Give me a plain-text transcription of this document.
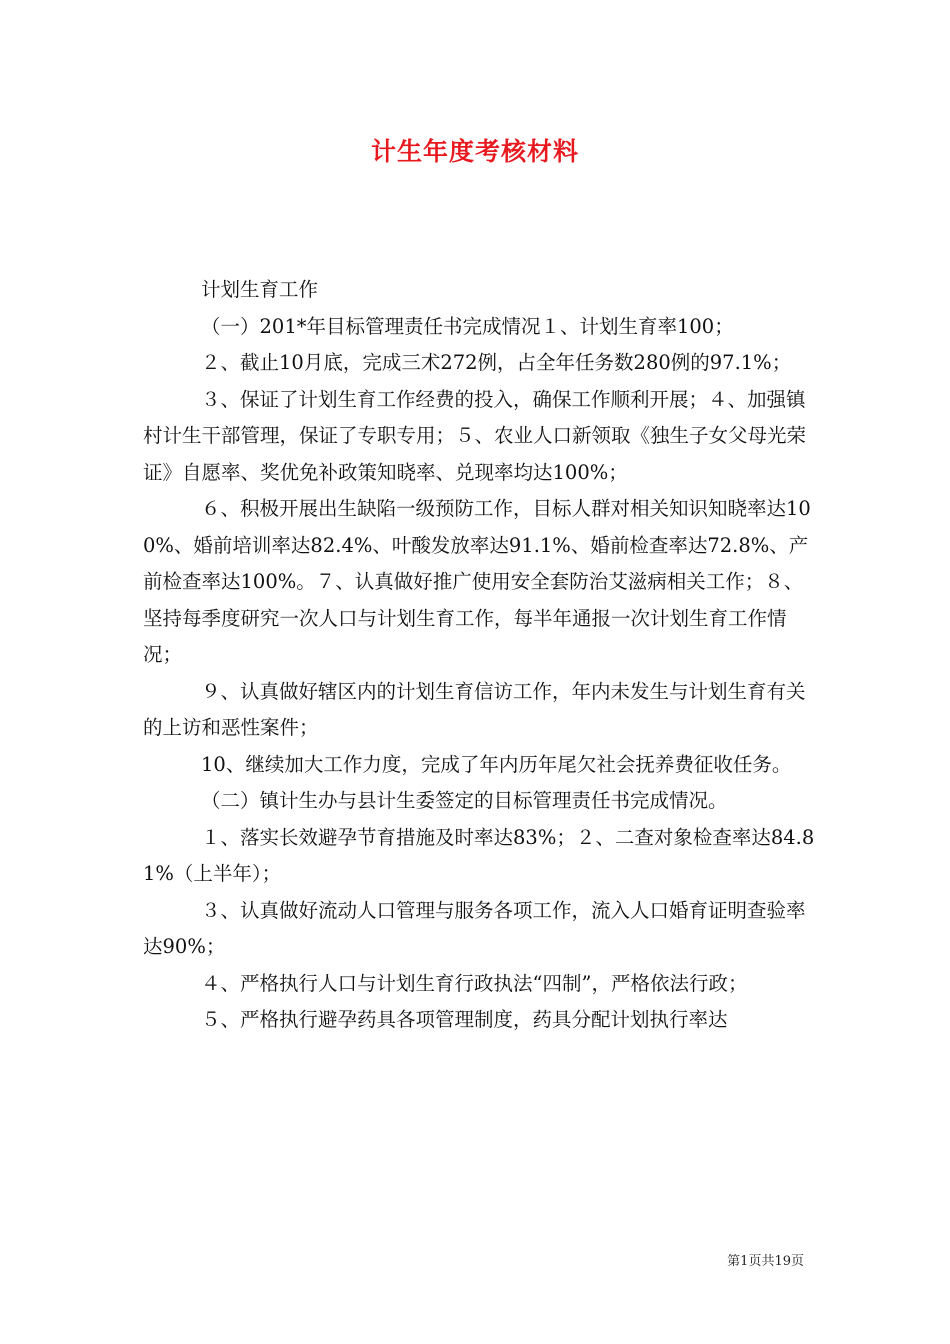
计生年度考核材料

计划生育工作

（一）201*年目标管理责任书完成情况１、计划生育率100；

２、截止10月底，完成三术272例，占全年任务数280例的97.1%；

３、保证了计划生育工作经费的投入，确保工作顺利开展；４、加强镇村计生干部管理，保证了专职专用；５、农业人口新领取《独生子女父母光荣证》自愿率、奖优免补政策知晓率、兑现率均达100%；

６、积极开展出生缺陷一级预防工作，目标人群对相关知识知晓率达100%、婚前培训率达82.4%、叶酸发放率达91.1%、婚前检查率达72.8%、产前检查率达100%。７、认真做好推广使用安全套防治艾滋病相关工作；８、坚持每季度研究一次人口与计划生育工作，每半年通报一次计划生育工作情况；

９、认真做好辖区内的计划生育信访工作，年内未发生与计划生育有关的上访和恶性案件；

10、继续加大工作力度，完成了年内历年尾欠社会抚养费征收任务。

（二）镇计生办与县计生委签定的目标管理责任书完成情况。

１、落实长效避孕节育措施及时率达83%；２、二查对象检查率达84.81%（上半年）；

３、认真做好流动人口管理与服务各项工作，流入人口婚育证明查验率达90%；

４、严格执行人口与计划生育行政执法“四制”，严格依法行政；

５、严格执行避孕药具各项管理制度，药具分配计划执行率达

第1页共19页
